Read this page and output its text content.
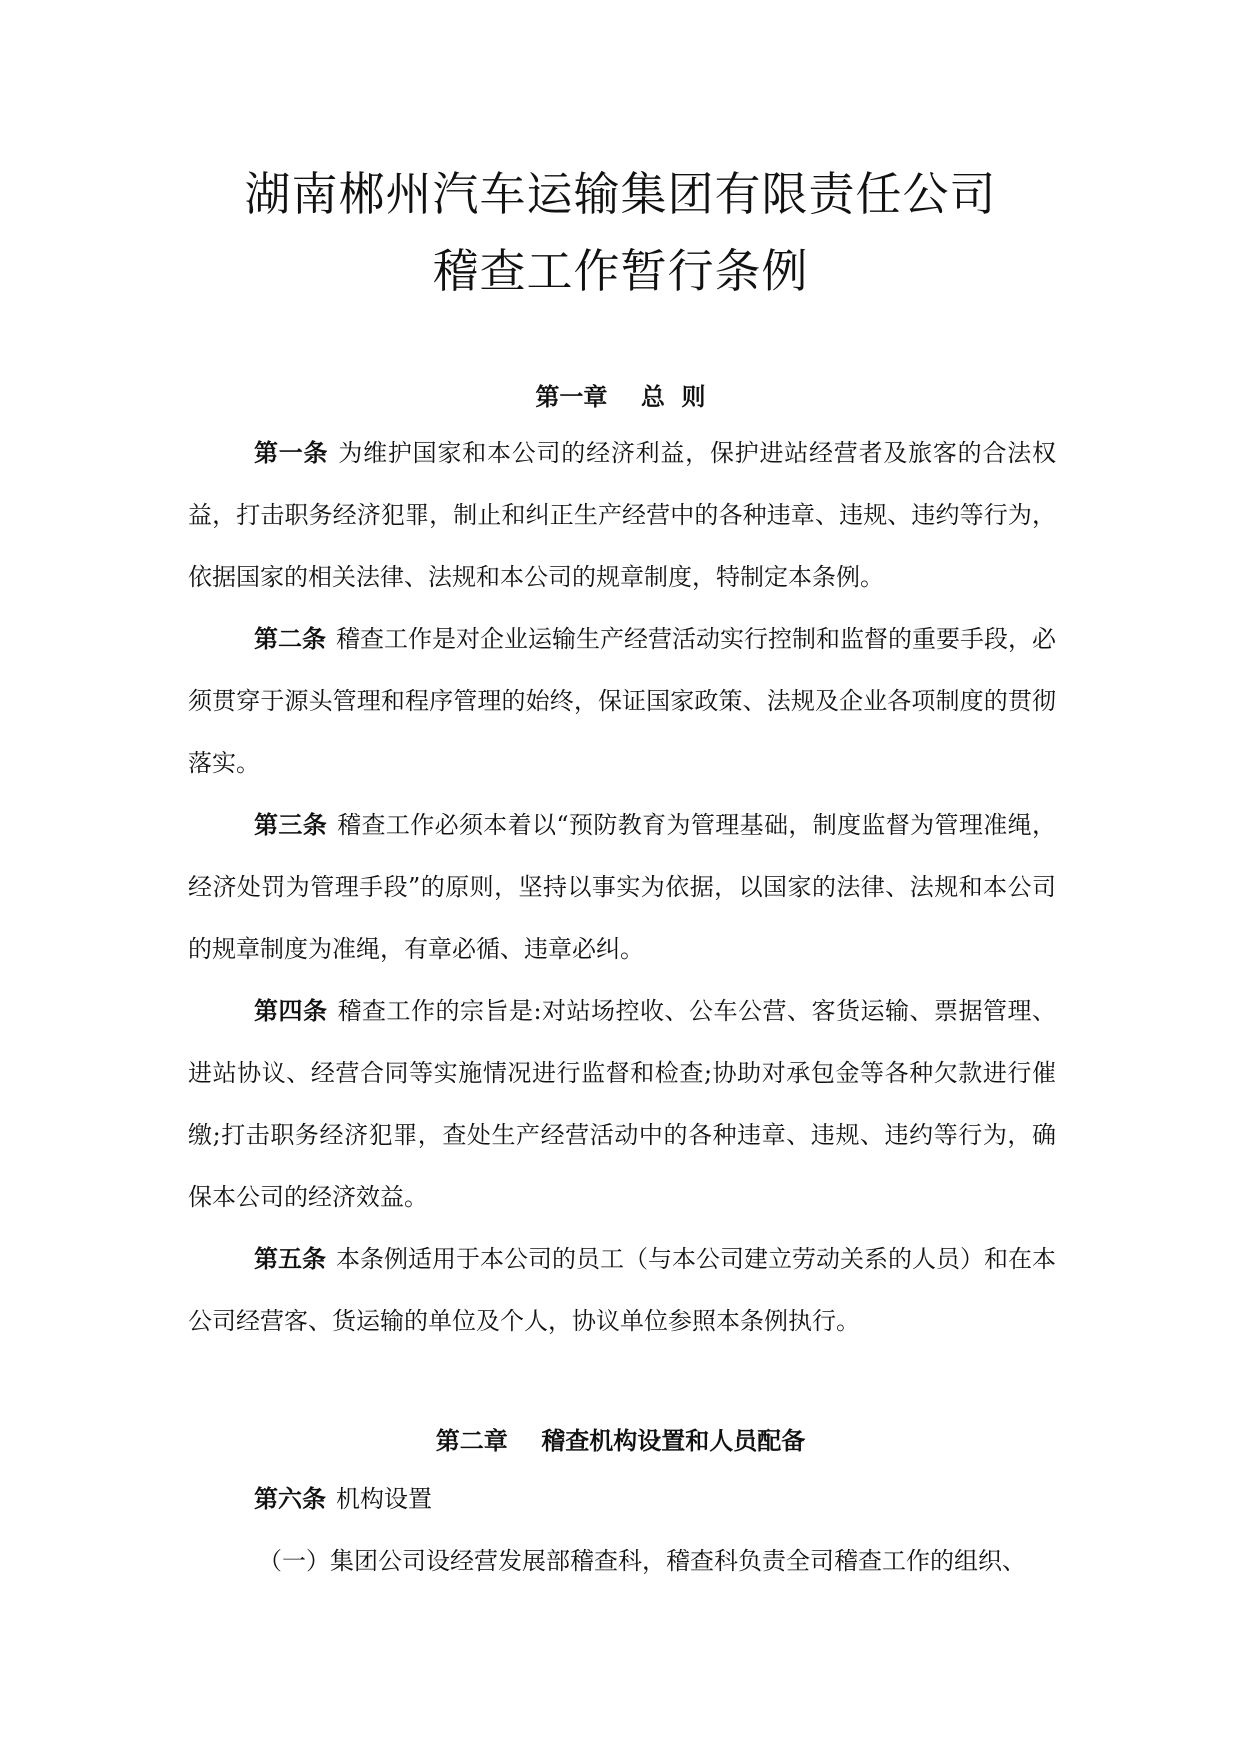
湖南郴州汽车运输集团有限责任公司
稽查工作暂行条例
第一章    总  则

第一条 为维护国家和本公司的经济利益，保护进站经营者及旅客的合法权益，打击职务经济犯罪，制止和纠正生产经营中的各种违章、违规、违约等行为，依据国家的相关法律、法规和本公司的规章制度，特制定本条例。

第二条 稽查工作是对企业运输生产经营活动实行控制和监督的重要手段，必须贯穿于源头管理和程序管理的始终，保证国家政策、法规及企业各项制度的贯彻落实。

第三条 稽查工作必须本着以“预防教育为管理基础，制度监督为管理准绳，经济处罚为管理手段”的原则，坚持以事实为依据，以国家的法律、法规和本公司的规章制度为准绳，有章必循、违章必纠。

第四条 稽查工作的宗旨是:对站场控收、公车公营、客货运输、票据管理、进站协议、经营合同等实施情况进行监督和检查;协助对承包金等各种欠款进行催缴;打击职务经济犯罪，查处生产经营活动中的各种违章、违规、违约等行为，确保本公司的经济效益。

第五条 本条例适用于本公司的员工（与本公司建立劳动关系的人员）和在本公司经营客、货运输的单位及个人，协议单位参照本条例执行。

第二章    稽查机构设置和人员配备

第六条 机构设置

（一）集团公司设经营发展部稽查科，稽查科负责全司稽查工作的组织、
